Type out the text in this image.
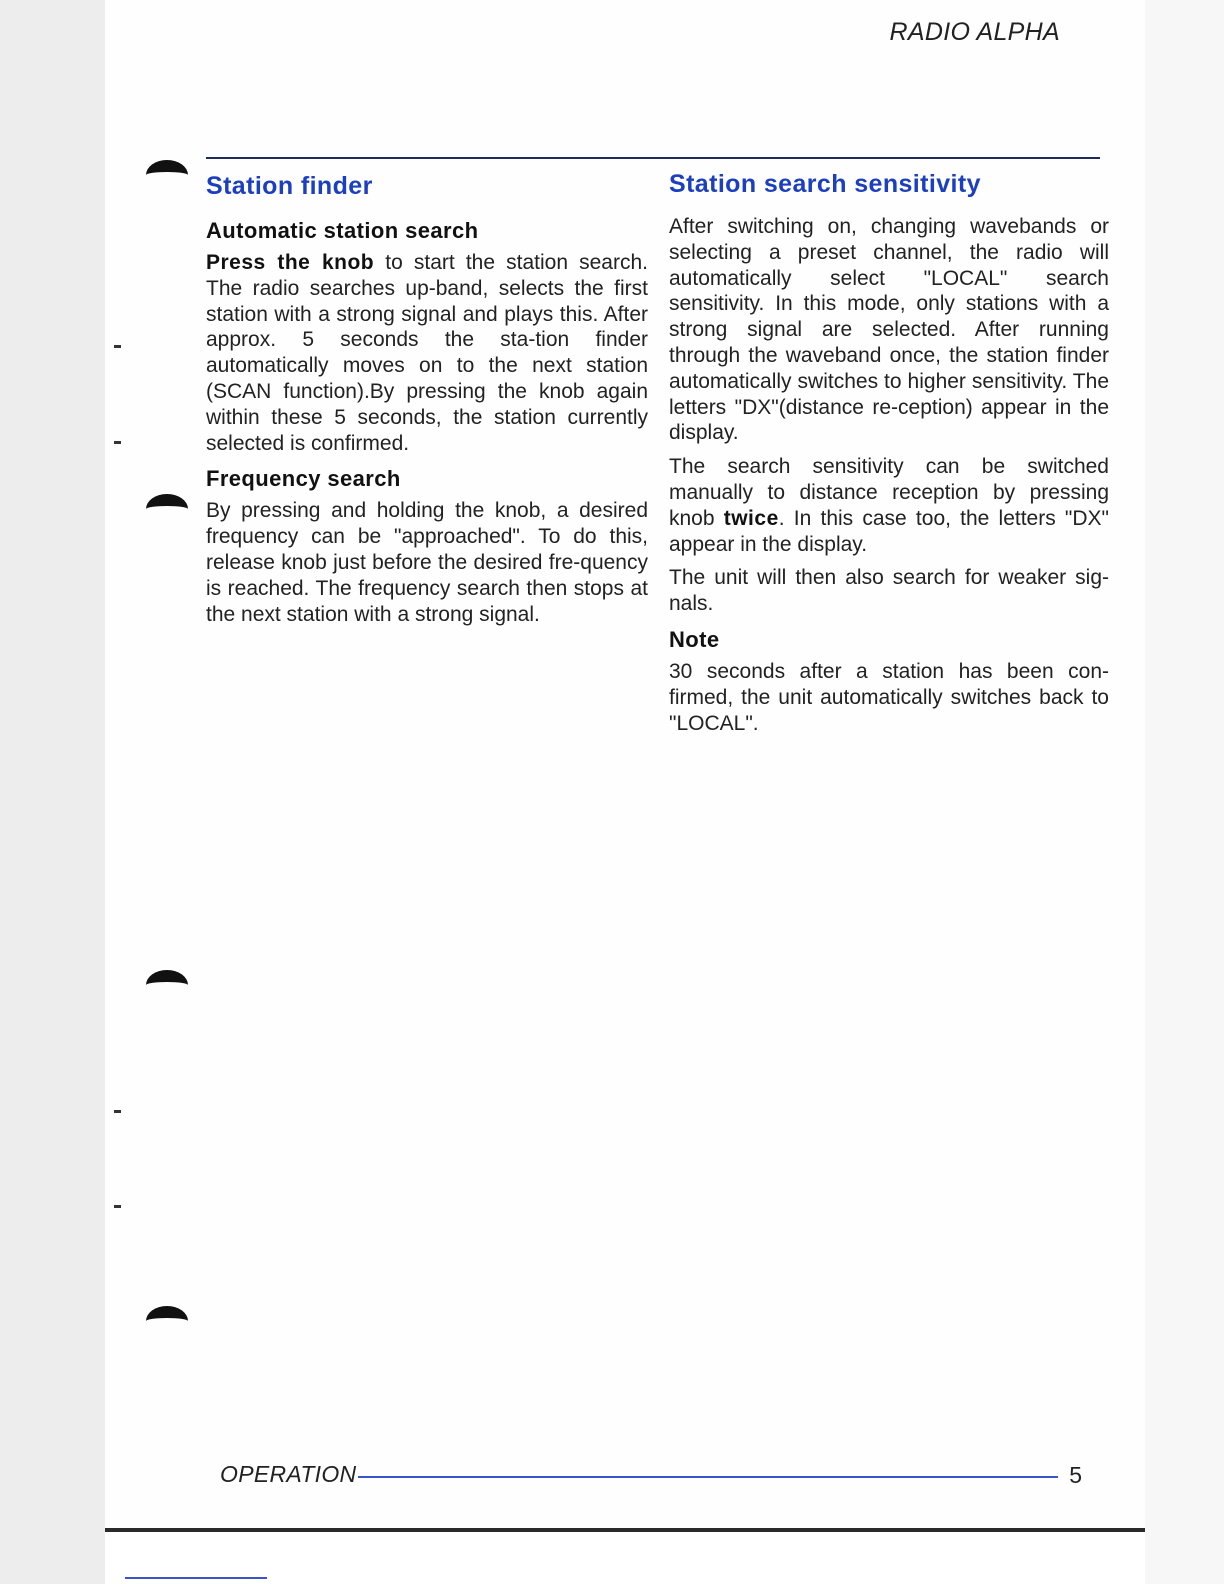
RADIO ALPHA
Station finder
Automatic station search

Press the knob to start the station search. The radio searches up-band, selects the first station with a strong signal and plays this. After approx. 5 seconds the sta-tion finder automatically moves on to the next station (SCAN function).By pressing the knob again within these 5 seconds, the station currently selected is confirmed.

Frequency search

By pressing and holding the knob, a desired frequency can be "approached". To do this, release knob just before the desired fre-quency is reached. The frequency search then stops at the next station with a strong signal.

Station search sensitivity

After switching on, changing wavebands or selecting a preset channel, the radio will automatically select "LOCAL" search sensitivity. In this mode, only stations with a strong signal are selected. After running through the waveband once, the station finder automatically switches to higher sensitivity. The letters "DX"(distance re-ception) appear in the display.

The search sensitivity can be switched manually to distance reception by pressing knob twice. In this case too, the letters "DX" appear in the display.

The unit will then also search for weaker sig-nals.

Note

30 seconds after a station has been con-firmed, the unit automatically switches back to "LOCAL".

OPERATION	5
